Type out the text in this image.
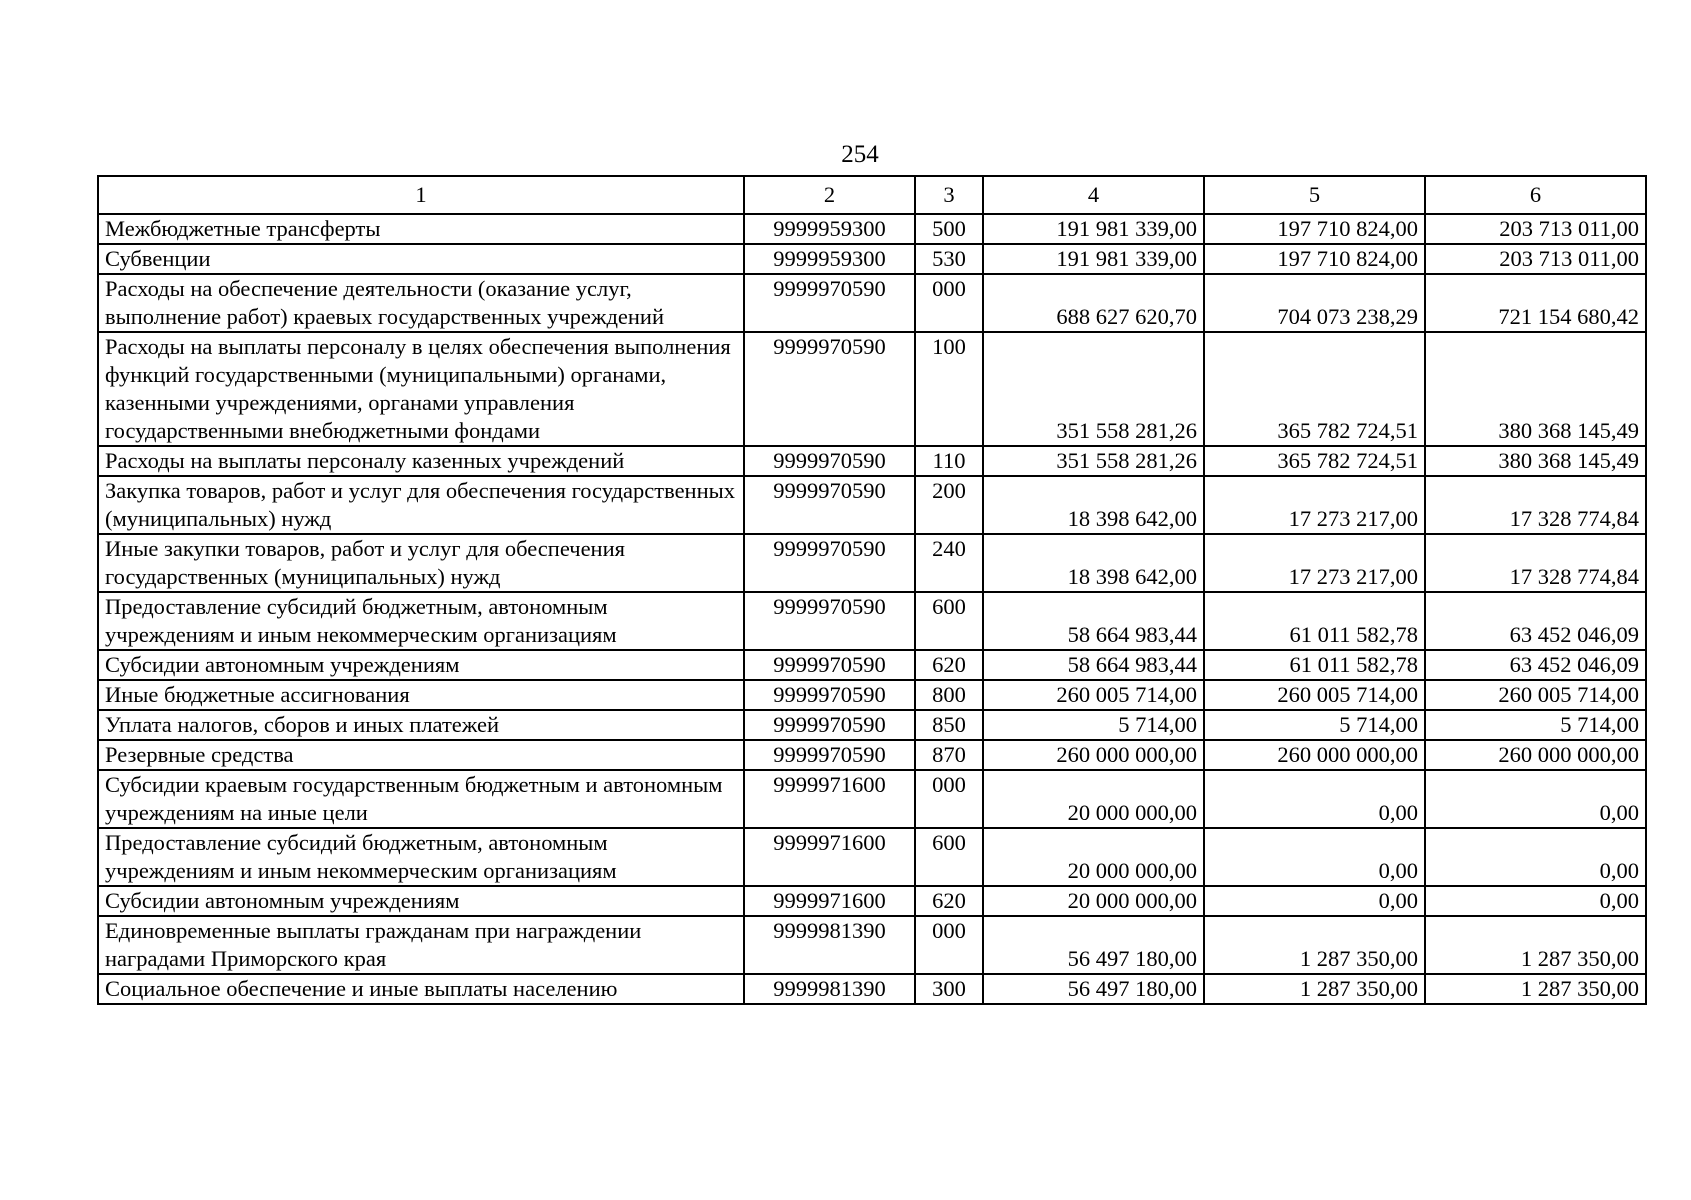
254
1	2	3	4	5	6
Межбюджетные трансферты	9999959300	500	191 981 339,00	197 710 824,00	203 713 011,00
Субвенции	9999959300	530	191 981 339,00	197 710 824,00	203 713 011,00
Расходы на обеспечение деятельности (оказание услуг, выполнение работ) краевых государственных учреждений	9999970590	000	688 627 620,70	704 073 238,29	721 154 680,42
Расходы на выплаты персоналу в целях обеспечения выполнения функций государственными (муниципальными) органами, казенными учреждениями, органами управления государственными внебюджетными фондами	9999970590	100	351 558 281,26	365 782 724,51	380 368 145,49
Расходы на выплаты персоналу казенных учреждений	9999970590	110	351 558 281,26	365 782 724,51	380 368 145,49
Закупка товаров, работ и услуг для обеспечения государственных (муниципальных) нужд	9999970590	200	18 398 642,00	17 273 217,00	17 328 774,84
Иные закупки товаров, работ и услуг для обеспечения государственных (муниципальных) нужд	9999970590	240	18 398 642,00	17 273 217,00	17 328 774,84
Предоставление субсидий бюджетным, автономным учреждениям и иным некоммерческим организациям	9999970590	600	58 664 983,44	61 011 582,78	63 452 046,09
Субсидии автономным учреждениям	9999970590	620	58 664 983,44	61 011 582,78	63 452 046,09
Иные бюджетные ассигнования	9999970590	800	260 005 714,00	260 005 714,00	260 005 714,00
Уплата налогов, сборов и иных платежей	9999970590	850	5 714,00	5 714,00	5 714,00
Резервные средства	9999970590	870	260 000 000,00	260 000 000,00	260 000 000,00
Субсидии краевым государственным бюджетным и автономным учреждениям на иные цели	9999971600	000	20 000 000,00	0,00	0,00
Предоставление субсидий бюджетным, автономным учреждениям и иным некоммерческим организациям	9999971600	600	20 000 000,00	0,00	0,00
Субсидии автономным учреждениям	9999971600	620	20 000 000,00	0,00	0,00
Единовременные выплаты гражданам при награждении наградами Приморского края	9999981390	000	56 497 180,00	1 287 350,00	1 287 350,00
Социальное обеспечение и иные выплаты населению	9999981390	300	56 497 180,00	1 287 350,00	1 287 350,00
